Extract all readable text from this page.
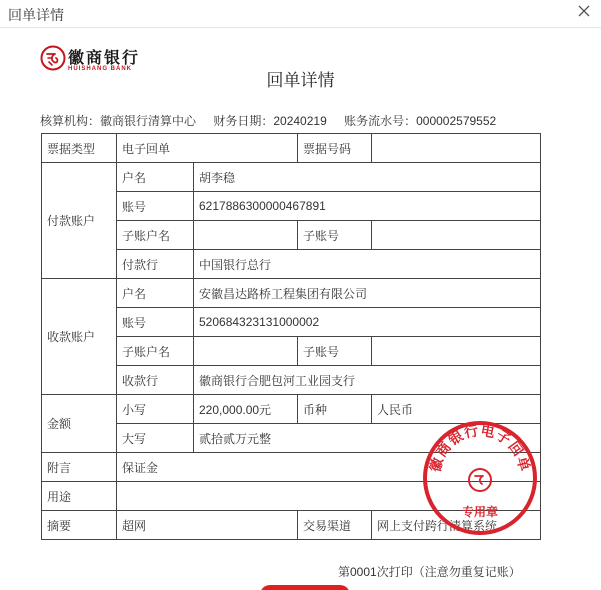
回单详情
徽商银行
HUISHANG BANK
回单详情
核算机构：徽商银行清算中心 财务日期：20240219 账务流水号：000002579552
票据类型	电子回单		票据号码	
付款账户	户名	胡李稳		
	账号	6217886300000467891		
	子账户名		子账号	
	付款行	中国银行总行		
收款账户	户名	安徽昌达路桥工程集团有限公司		
	账号	520684323131000002		
	子账户名		子账号	
	收款行	徽商银行合肥包河工业园支行		
金额	小写	220,000.00元	币种	人民币
	大写	贰拾贰万元整		
附言	保证金			
用途				
摘要	超网		交易渠道	网上支付跨行清算系统
徽商银行电子回单
专用章
第0001次打印（注意勿重复记账）
